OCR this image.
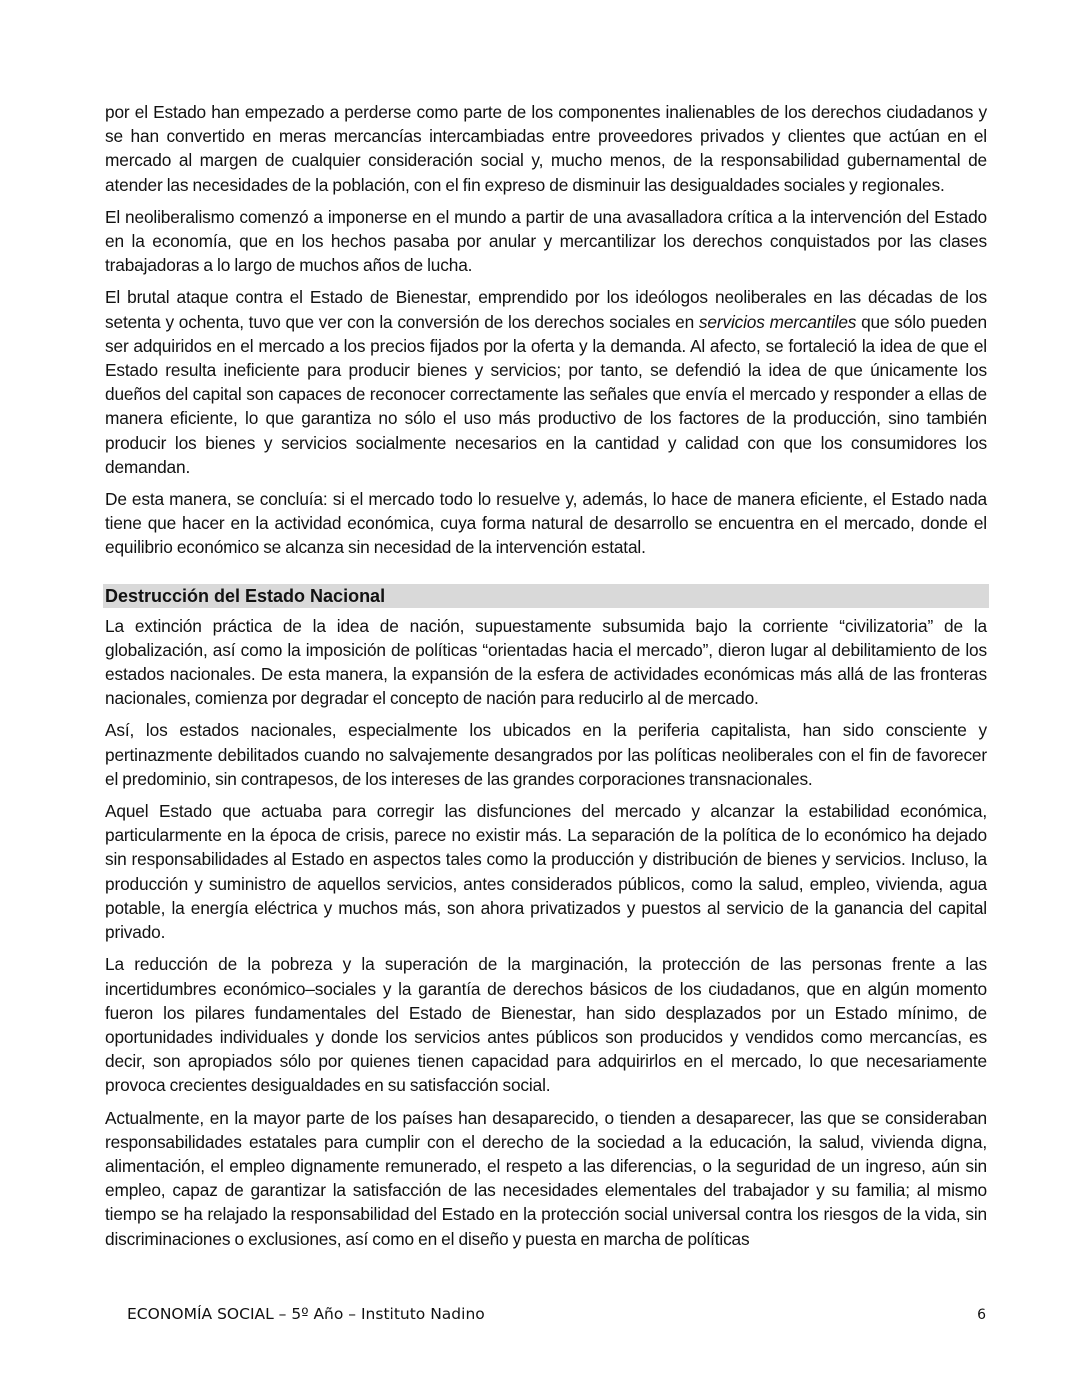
por el Estado han empezado a perderse como parte de los componentes inalienables de los derechos ciudadanos y se han convertido en meras mercancías intercambiadas entre proveedores privados y clientes que actúan en el mercado al margen de cualquier consideración social y, mucho menos, de la responsabilidad gubernamental de atender las necesidades de la población, con el fin expreso de disminuir las desigualdades sociales y regionales.

El neoliberalismo comenzó a imponerse en el mundo a partir de una avasalladora crítica a la intervención del Estado en la economía, que en los hechos pasaba por anular y mercantilizar los derechos conquistados por las clases trabajadoras a lo largo de muchos años de lucha.

El brutal ataque contra el Estado de Bienestar, emprendido por los ideólogos neoliberales en las décadas de los setenta y ochenta, tuvo que ver con la conversión de los derechos sociales en servicios mercantiles que sólo pueden ser adquiridos en el mercado a los precios fijados por la oferta y la demanda. Al afecto, se fortaleció la idea de que el Estado resulta ineficiente para producir bienes y servicios; por tanto, se defendió la idea de que únicamente los dueños del capital son capaces de reconocer correctamente las señales que envía el mercado y responder a ellas de manera eficiente, lo que garantiza no sólo el uso más productivo de los factores de la producción, sino también producir los bienes y servicios socialmente necesarios en la cantidad y calidad con que los consumidores los demandan.

De esta manera, se concluía: si el mercado todo lo resuelve y, además, lo hace de manera eficiente, el Estado nada tiene que hacer en la actividad económica, cuya forma natural de desarrollo se encuentra en el mercado, donde el equilibrio económico se alcanza sin necesidad de la intervención estatal.

Destrucción del Estado Nacional

La extinción práctica de la idea de nación, supuestamente subsumida bajo la corriente “civilizatoria” de la globalización, así como la imposición de políticas “orientadas hacia el mercado”, dieron lugar al debilitamiento de los estados nacionales. De esta manera, la expansión de la esfera de actividades económicas más allá de las fronteras nacionales, comienza por degradar el concepto de nación para reducirlo al de mercado.

Así, los estados nacionales, especialmente los ubicados en la periferia capitalista, han sido consciente y pertinazmente debilitados cuando no salvajemente desangrados por las políticas neoliberales con el fin de favorecer el predominio, sin contrapesos, de los intereses de las grandes corporaciones transnacionales.

Aquel Estado que actuaba para corregir las disfunciones del mercado y alcanzar la estabilidad económica, particularmente en la época de crisis, parece no existir más. La separación de la política de lo económico ha dejado sin responsabilidades al Estado en aspectos tales como la producción y distribución de bienes y servicios. Incluso, la producción y suministro de aquellos servicios, antes considerados públicos, como la salud, empleo, vivienda, agua potable, la energía eléctrica y muchos más, son ahora privatizados y puestos al servicio de la ganancia del capital privado.

La reducción de la pobreza y la superación de la marginación, la protección de las personas frente a las incertidumbres económico–sociales y la garantía de derechos básicos de los ciudadanos, que en algún momento fueron los pilares fundamentales del Estado de Bienestar, han sido desplazados por un Estado mínimo, de oportunidades individuales y donde los servicios antes públicos son producidos y vendidos como mercancías, es decir, son apropiados sólo por quienes tienen capacidad para adquirirlos en el mercado, lo que necesariamente provoca crecientes desigualdades en su satisfacción social.

Actualmente, en la mayor parte de los países han desaparecido, o tienden a desaparecer, las que se consideraban responsabilidades estatales para cumplir con el derecho de la sociedad a la educación, la salud, vivienda digna, alimentación, el empleo dignamente remunerado, el respeto a las diferencias, o la seguridad de un ingreso, aún sin empleo, capaz de garantizar la satisfacción de las necesidades elementales del trabajador y su familia; al mismo tiempo se ha relajado la responsabilidad del Estado en la protección social universal contra los riesgos de la vida, sin discriminaciones o exclusiones, así como en el diseño y puesta en marcha de políticas

ECONOMÍA SOCIAL – 5º Año – Instituto Nadino	6
